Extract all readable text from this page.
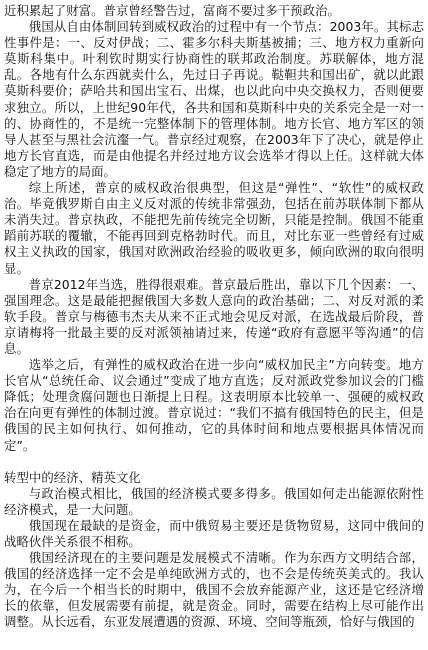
近积累起了财富。普京曾经警告过，富商不要过多干预政治。

俄国从自由体制回转到威权政治的过程中有一个节点：2003年。其标志性事件是：一、反对伊战；二、霍多尔科夫斯基被捕；三、地方权力重新向莫斯科集中。叶利钦时期实行协商性的联邦政治制度。苏联解体，地方混乱。各地有什么东西就卖什么，先过日子再说。鞑靼共和国出矿，就以此跟莫斯科要价；萨哈共和国出宝石、出煤，也以此向中央交换权力，否则便要求独立。所以，上世纪90年代，各共和国和莫斯科中央的关系完全是一对一的、协商性的，不是统一完整体制下的管理体制。地方长官、地方军区的领导人甚至与黑社会沆瀣一气。普京经过观察，在2003年下了决心，就是停止地方长官直选，而是由他提名并经过地方议会选举才得以上任。这样就大体稳定了地方的局面。

综上所述，普京的威权政治很典型，但这是“弹性”、“软性”的威权政治。毕竟俄罗斯自由主义反对派的传统非常强劲，包括在前苏联体制下都从未消失过。普京执政，不能把先前传统完全切断，只能是控制。俄国不能重蹈前苏联的覆辙，不能再回到克格勃时代。而且，对比东亚一些曾经有过威权主义执政的国家，俄国对欧洲政治经验的吸收更多，倾向欧洲的取向很明显。

普京2012年当选，胜得很艰难。普京最后胜出，靠以下几个因素：一、强国理念。这是最能把握俄国大多数人意向的政治基础；二、对反对派的柔软手段。普京与梅德韦杰夫从来不正式地会见反对派，在选战最后阶段，普京请梅将一批最主要的反对派领袖请过来，传递“政府有意愿平等沟通”的信息。

选举之后，有弹性的威权政治在进一步向“威权加民主”方向转变。地方长官从“总统任命、议会通过”变成了地方直选；反对派政党参加议会的门槛降低；处理贪腐问题也日渐提上日程。这表明原本比较单一、强硬的威权政治在向更有弹性的体制过渡。普京说过：“我们不搞有俄国特色的民主，但是俄国的民主如何执行、如何推动，它的具体时间和地点要根据具体情况而定”。

转型中的经济、精英文化

与政治模式相比，俄国的经济模式要多得多。俄国如何走出能源依附性经济模式，是一大问题。

俄国现在最缺的是资金，而中俄贸易主要还是货物贸易，这同中俄间的战略伙伴关系很不相称。

俄国经济现在的主要问题是发展模式不清晰。作为东西方文明结合部，俄国的经济选择一定不会是单纯欧洲方式的，也不会是传统英美式的。我认为，在今后一个相当长的时期中，俄国不会放弃能源产业，这还是它经济增长的依靠，但发展需要有前提，就是资金。同时，需要在结构上尽可能作出调整。从长远看，东亚发展遭遇的资源、环境、空间等瓶颈，恰好与俄国的
